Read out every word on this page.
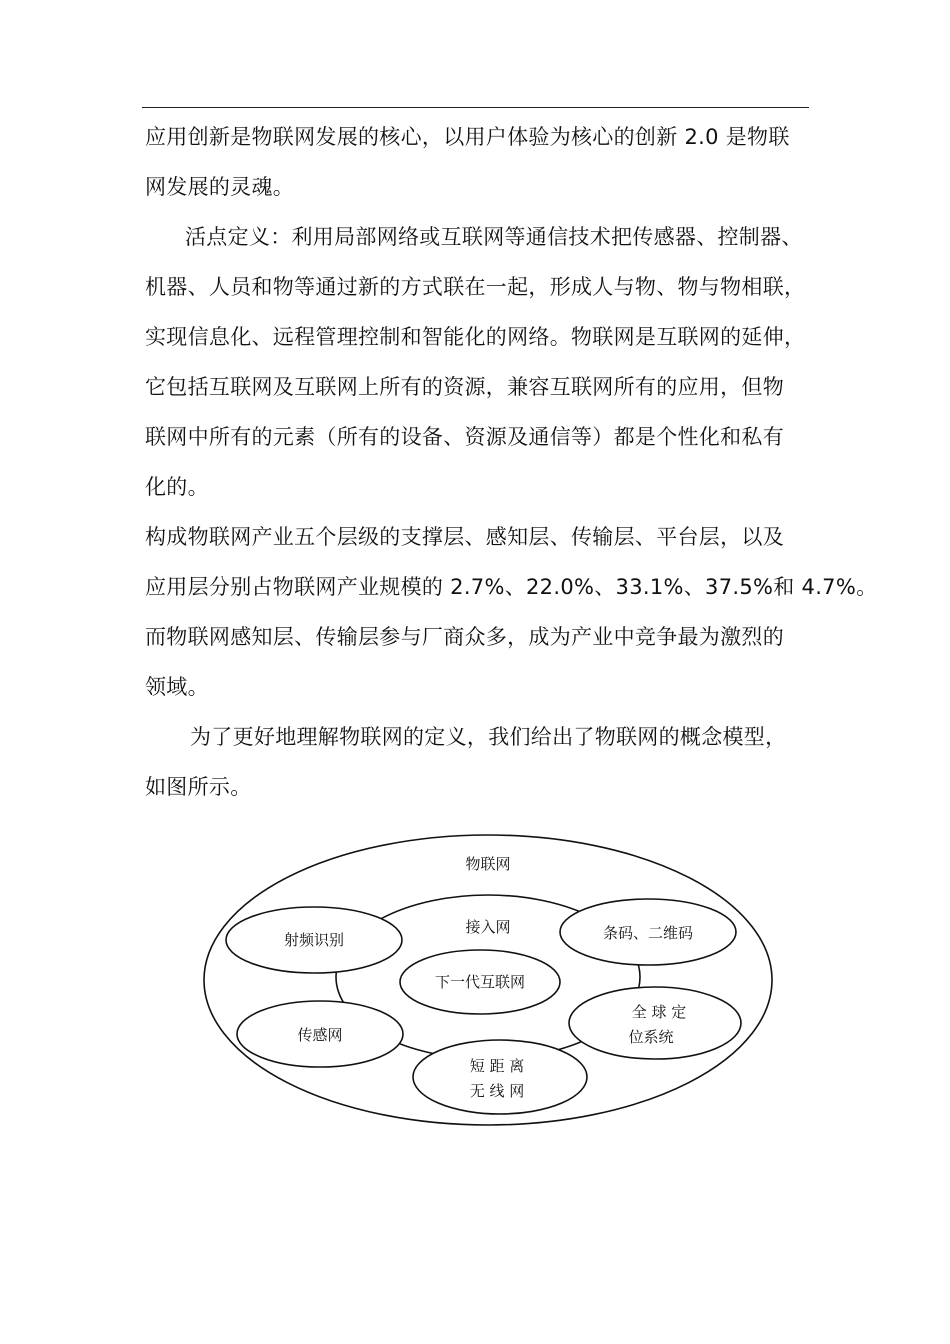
应用创新是物联网发展的核心，以用户体验为核心的创新 2.0 是物联
网发展的灵魂。
活点定义：利用局部网络或互联网等通信技术把传感器、控制器、
机器、人员和物等通过新的方式联在一起，形成人与物、物与物相联，
实现信息化、远程管理控制和智能化的网络。物联网是互联网的延伸，
它包括互联网及互联网上所有的资源，兼容互联网所有的应用，但物
联网中所有的元素（所有的设备、资源及通信等）都是个性化和私有
化的。
构成物联网产业五个层级的支撑层、感知层、传输层、平台层，以及
应用层分别占物联网产业规模的 2.7%、22.0%、33.1%、37.5%和 4.7%。
而物联网感知层、传输层参与厂商众多，成为产业中竞争最为激烈的
领域。
为了更好地理解物联网的定义，我们给出了物联网的概念模型，
如图所示。
物联网
接入网
下一代互联网
射频识别	条码、二维码
传感网
全 球 定
位系统
短 距 离
无 线 网
